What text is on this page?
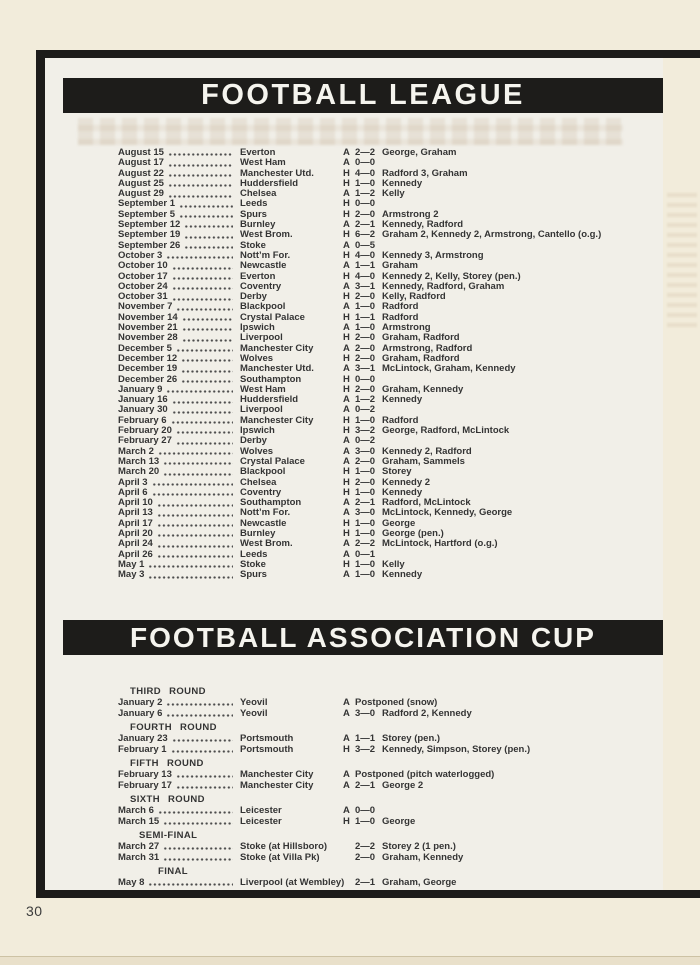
FOOTBALL LEAGUE
August 15	Everton	A 2—2 George, Graham
August 17	West Ham	A 0—0
August 22	Manchester Utd.	H 4—0 Radford 3, Graham
August 25	Huddersfield	H 1—0 Kennedy
August 29	Chelsea	A 1—2 Kelly
September 1	Leeds	H 0—0
September 5	Spurs	H 2—0 Armstrong 2
September 12	Burnley	A 2—1 Kennedy, Radford
September 19	West Brom.	H 6—2 Graham 2, Kennedy 2, Armstrong, Cantello (o.g.)
September 26	Stoke	A 0—5
October 3	Nott’m For.	H 4—0 Kennedy 3, Armstrong
October 10	Newcastle	A 1—1 Graham
October 17	Everton	H 4—0 Kennedy 2, Kelly, Storey (pen.)
October 24	Coventry	A 3—1 Kennedy, Radford, Graham
October 31	Derby	H 2—0 Kelly, Radford
November 7	Blackpool	A 1—0 Radford
November 14	Crystal Palace	H 1—1 Radford
November 21	Ipswich	A 1—0 Armstrong
November 28	Liverpool	H 2—0 Graham, Radford
December 5	Manchester City	A 2—0 Armstrong, Radford
December 12	Wolves	H 2—0 Graham, Radford
December 19	Manchester Utd.	A 3—1 McLintock, Graham, Kennedy
December 26	Southampton	H 0—0
January 9	West Ham	H 2—0 Graham, Kennedy
January 16	Huddersfield	A 1—2 Kennedy
January 30	Liverpool	A 0—2
February 6	Manchester City	H 1—0 Radford
February 20	Ipswich	H 3—2 George, Radford, McLintock
February 27	Derby	A 0—2
March 2	Wolves	A 3—0 Kennedy 2, Radford
March 13	Crystal Palace	A 2—0 Graham, Sammels
March 20	Blackpool	H 1—0 Storey
April 3	Chelsea	H 2—0 Kennedy 2
April 6	Coventry	H 1—0 Kennedy
April 10	Southampton	A 2—1 Radford, McLintock
April 13	Nott’m For.	A 3—0 McLintock, Kennedy, George
April 17	Newcastle	H 1—0 George
April 20	Burnley	H 1—0 George (pen.)
April 24	West Brom.	A 2—2 McLintock, Hartford (o.g.)
April 26	Leeds	A 0—1
May 1	Stoke	H 1—0 Kelly
May 3	Spurs	A 1—0 Kennedy
FOOTBALL ASSOCIATION CUP
THIRD ROUND
January 2	Yeovil	A Postponed (snow)
January 6	Yeovil	A 3—0 Radford 2, Kennedy
FOURTH ROUND
January 23	Portsmouth	A 1—1 Storey (pen.)
February 1	Portsmouth	H 3—2 Kennedy, Simpson, Storey (pen.)
FIFTH ROUND
February 13	Manchester City	A Postponed (pitch waterlogged)
February 17	Manchester City	A 2—1 George 2
SIXTH ROUND
March 6	Leicester	A 0—0
March 15	Leicester	H 1—0 George
SEMI-FINAL
March 27	Stoke (at Hillsboro)	2—2 Storey 2 (1 pen.)
March 31	Stoke (at Villa Pk)	2—0 Graham, Kennedy
FINAL
May 8	Liverpool (at Wembley)	2—1 Graham, George
30
